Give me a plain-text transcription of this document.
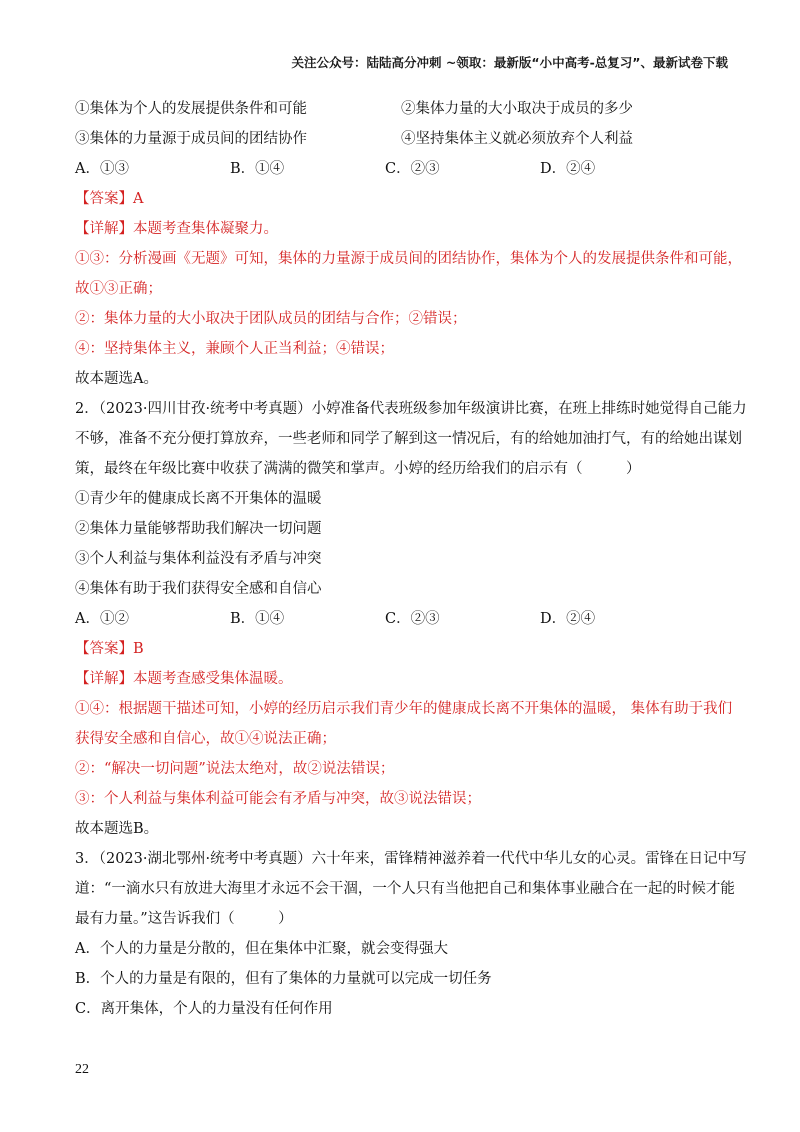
关注公众号：陆陆高分冲刺 ~领取：最新版“小中高考-总复习”、最新试卷下载
①集体为个人的发展提供条件和可能	②集体力量的大小取决于成员的多少
③集体的力量源于成员间的团结协作	④坚持集体主义就必须放弃个人利益
A．①③	B．①④	C．②③	D．②④
【答案】A
【详解】本题考查集体凝聚力。
①③：分析漫画《无题》可知，集体的力量源于成员间的团结协作，集体为个人的发展提供条件和可能，
故①③正确；
②：集体力量的大小取决于团队成员的团结与合作；②错误；
④：坚持集体主义，兼顾个人正当利益；④错误；
故本题选A。
2．（2023·四川甘孜·统考中考真题）小婷准备代表班级参加年级演讲比赛，在班上排练时她觉得自己能力
不够，准备不充分便打算放弃，一些老师和同学了解到这一情况后，有的给她加油打气，有的给她出谋划
策，最终在年级比赛中收获了满满的微笑和掌声。小婷的经历给我们的启示有（　　　）
①青少年的健康成长离不开集体的温暖
②集体力量能够帮助我们解决一切问题
③个人利益与集体利益没有矛盾与冲突
④集体有助于我们获得安全感和自信心
A．①②	B．①④	C．②③	D．②④
【答案】B
【详解】本题考查感受集体温暖。
①④：根据题干描述可知，小婷的经历启示我们青少年的健康成长离不开集体的温暖， 集体有助于我们
获得安全感和自信心，故①④说法正确；
②：“解决一切问题”说法太绝对，故②说法错误；
③：个人利益与集体利益可能会有矛盾与冲突，故③说法错误；
故本题选B。
3．（2023·湖北鄂州·统考中考真题）六十年来，雷锋精神滋养着一代代中华儿女的心灵。雷锋在日记中写
道：“一滴水只有放进大海里才永远不会干涸，一个人只有当他把自己和集体事业融合在一起的时候才能
最有力量。”这告诉我们（　　　）
A．个人的力量是分散的，但在集体中汇聚，就会变得强大
B．个人的力量是有限的，但有了集体的力量就可以完成一切任务
C．离开集体，个人的力量没有任何作用
22
